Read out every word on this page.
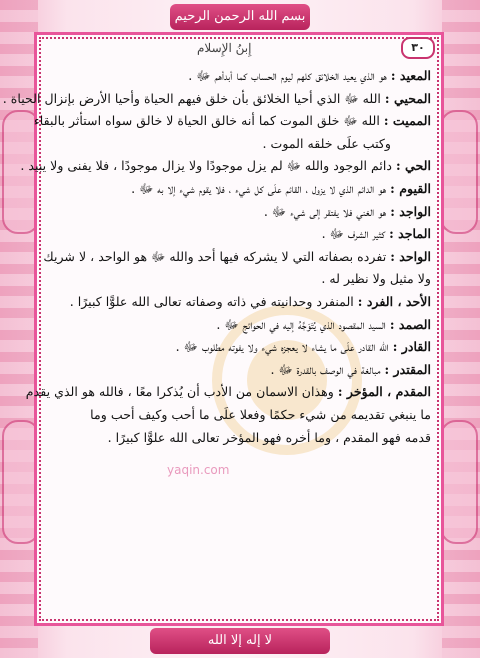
بسم الله الرحمن الرحيم
إِبنُ الإِسلام	٣٠
المعيد : هو الذي يعيد الخلائق كلهم ليوم الحساب كما أبدأهم ﷻ .
المحيي : الله ﷻ الذي أحيا الخلائق بأن خلق فيهم الحياة وأحيا الأرض بإنزال الحياة .
المميت : الله ﷻ خلق الموت كما أنه خالق الحياة لا خالق سواه استأثر بالبقاء
وكتب علَى خلقه الموت .
الحي : دائم الوجود والله ﷻ لم يزل موجودًا ولا يزال موجودًا ، فلا يفنى ولا يبيد .
القيوم : هو الدائم الذي لا يزول ، القائم علَى كل شيء ، فلا يقوم شيء إلا به ﷻ .
الواجد : هو الغني فلا يفتقر إلى شيء ﷻ .
الماجد : كثير الشرف ﷻ .
الواحد : تفرده بصفاته التي لا يشركه فيها أحد والله ﷻ هو الواحد ، لا شريك
ولا مثيل ولا نظير له .
الأحد ، الفرد : المنفرد وحدانيته في ذاته وصفاته تعالى الله علوًّا كبيرًا .
الصمد : السيد المقصود الذي يُتَوَجَّهُ إليه في الحوائج ﷻ .
القادر : الله القادر علَى ما يشاء لا يعجزه شيء ولا يفوته مطلوب ﷻ .
المقتدر : مبالغة في الوصف بالقدرة ﷻ .
المقدم ، المؤخر : وهذان الاسمان من الأدب أن يُذكرا معًا ، فالله هو الذي يقدم
ما ينبغي تقديمه من شيء حكمًا وفعلا علَى ما أحب وكيف أحب وما
قدمه فهو المقدم ، وما أخره فهو المؤخر تعالى الله علوًّا كبيرًا .
yaqin.com
لا إله إلا الله
